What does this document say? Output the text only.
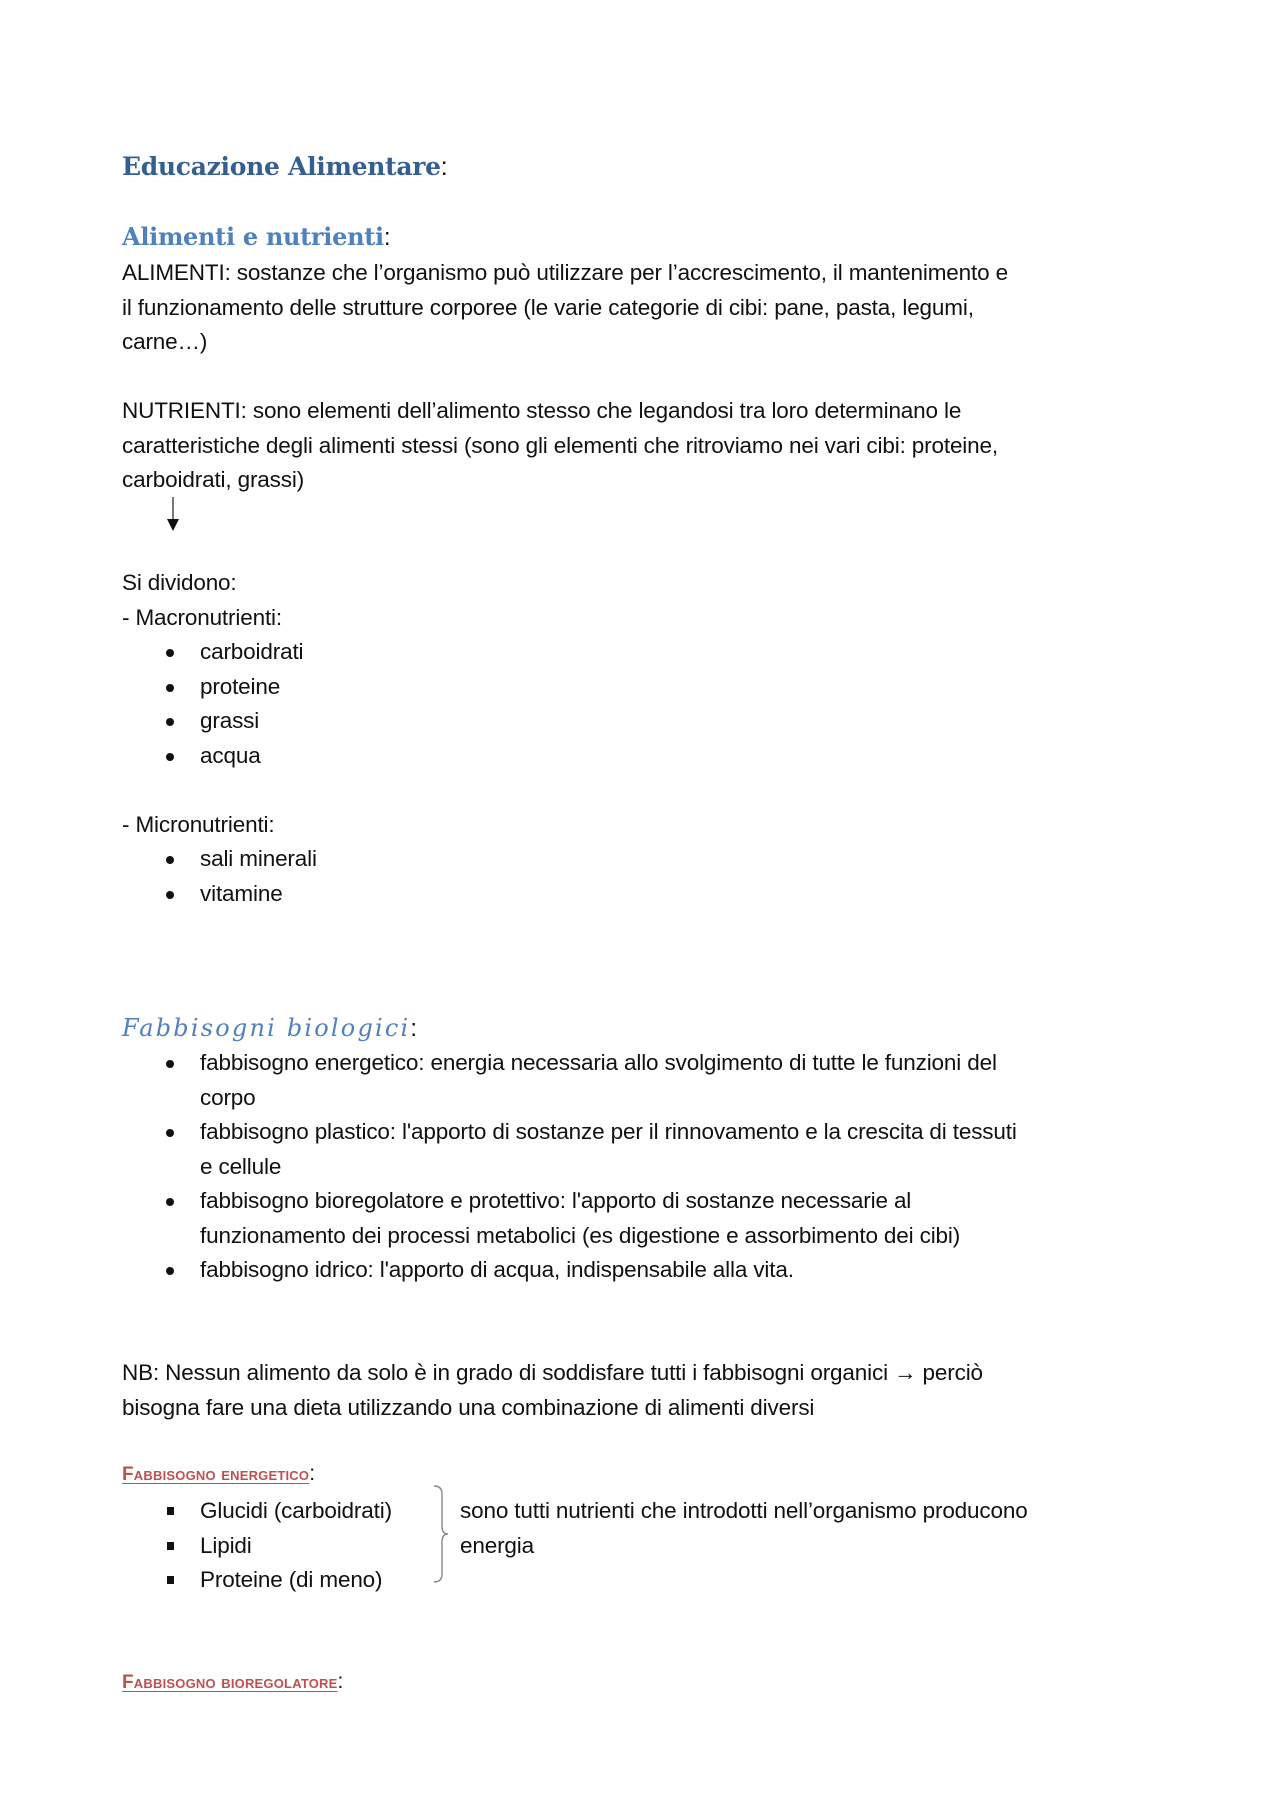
Educazione Alimentare:
Alimenti e nutrienti:
ALIMENTI: sostanze che l’organismo può utilizzare per l’accrescimento, il mantenimento e
il funzionamento delle strutture corporee (le varie categorie di cibi: pane, pasta, legumi,
carne…)
NUTRIENTI: sono elementi dell’alimento stesso che legandosi tra loro determinano le
caratteristiche degli alimenti stessi (sono gli elementi che ritroviamo nei vari cibi: proteine,
carboidrati, grassi)
Si dividono:
- Macronutrienti:
carboidrati
proteine
grassi
acqua
- Micronutrienti:
sali minerali
vitamine
Fabbisogni biologici:
fabbisogno energetico: energia necessaria allo svolgimento di tutte le funzioni del
corpo
fabbisogno plastico: l'apporto di sostanze per il rinnovamento e la crescita di tessuti
e cellule
fabbisogno bioregolatore e protettivo: l'apporto di sostanze necessarie al
funzionamento dei processi metabolici (es digestione e assorbimento dei cibi)
fabbisogno idrico: l'apporto di acqua, indispensabile alla vita.
NB: Nessun alimento da solo è in grado di soddisfare tutti i fabbisogni organici → perciò
bisogna fare una dieta utilizzando una combinazione di alimenti diversi
Fabbisogno energetico:
Glucidi (carboidrati)
Lipidi
Proteine (di meno)
sono tutti nutrienti che introdotti nell’organismo producono
energia
Fabbisogno bioregolatore:
